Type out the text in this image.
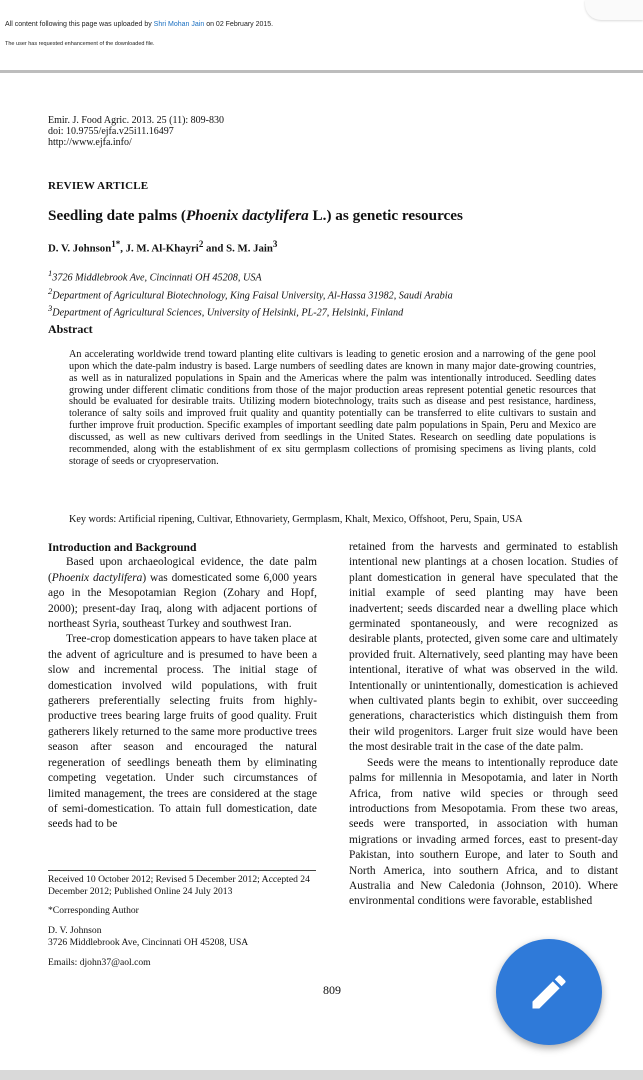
All content following this page was uploaded by Shri Mohan Jain on 02 February 2015.
The user has requested enhancement of the downloaded file.
Emir. J. Food Agric. 2013. 25 (11): 809-830
doi: 10.9755/ejfa.v25i11.16497
http://www.ejfa.info/
REVIEW ARTICLE
Seedling date palms (Phoenix dactylifera L.) as genetic resources
D. V. Johnson$^{1*}$, J. M. Al-Khayri$^2$ and S. M. Jain$^3$
$^1$3726 Middlebrook Ave, Cincinnati OH 45208, USA
$^2$Department of Agricultural Biotechnology, King Faisal University, Al-Hassa 31982, Saudi Arabia
$^3$Department of Agricultural Sciences, University of Helsinki, PL-27, Helsinki, Finland
Abstract

An accelerating worldwide trend toward planting elite cultivars is leading to genetic erosion and a narrowing of the gene pool upon which the date-palm industry is based. Large numbers of seedling dates are known in many major date-growing countries, as well as in naturalized populations in Spain and the Americas where the palm was intentionally introduced. Seedling dates growing under different climatic conditions from those of the major production areas represent potential genetic resources that should be evaluated for desirable traits. Utilizing modern biotechnology, traits such as disease and pest resistance, hardiness, tolerance of salty soils and improved fruit quality and quantity potentially can be transferred to elite cultivars to sustain and further improve fruit production. Specific examples of important seedling date palm populations in Spain, Peru and Mexico are discussed, as well as new cultivars derived from seedlings in the United States. Research on seedling date populations is recommended, along with the establishment of ex situ germplasm collections of promising specimens as living plants, cold storage of seeds or cryopreservation.

Key words: Artificial ripening, Cultivar, Ethnovariety, Germplasm, Khalt, Mexico, Offshoot, Peru, Spain, USA
Introduction and Background

Based upon archaeological evidence, the date palm (Phoenix dactylifera) was domesticated some 6,000 years ago in the Mesopotamian Region (Zohary and Hopf, 2000); present-day Iraq, along with adjacent portions of northeast Syria, southeast Turkey and southwest Iran.

Tree-crop domestication appears to have taken place at the advent of agriculture and is presumed to have been a slow and incremental process. The initial stage of domestication involved wild populations, with fruit gatherers preferentially selecting fruits from highly-productive trees bearing large fruits of good quality. Fruit gatherers likely returned to the same more productive trees season after season and encouraged the natural regeneration of seedlings beneath them by eliminating competing vegetation. Under such circumstances of limited management, the trees are considered at the stage of semi-domestication. To attain full domestication, date seeds had to be

retained from the harvests and germinated to establish intentional new plantings at a chosen location. Studies of plant domestication in general have speculated that the initial example of seed planting may have been inadvertent; seeds discarded near a dwelling place which germinated spontaneously, and were recognized as desirable plants, protected, given some care and ultimately provided fruit. Alternatively, seed planting may have been intentional, iterative of what was observed in the wild. Intentionally or unintentionally, domestication is achieved when cultivated plants begin to exhibit, over succeeding generations, characteristics which distinguish them from their wild progenitors. Larger fruit size would have been the most desirable trait in the case of the date palm.

Seeds were the means to intentionally reproduce date palms for millennia in Mesopotamia, and later in North Africa, from native wild species or through seed introductions from Mesopotamia. From these two areas, seeds were transported, in association with human migrations or invading armed forces, east to present-day Pakistan, into southern Europe, and later to South and North America, into southern Africa, and to distant Australia and New Caledonia (Johnson, 2010). Where environmental conditions were favorable, established

Received 10 October 2012; Revised 5 December 2012; Accepted 24 December 2012; Published Online 24 July 2013
*Corresponding Author
D. V. Johnson
3726 Middlebrook Ave, Cincinnati OH 45208, USA
Emails: djohn37@aol.com
809
